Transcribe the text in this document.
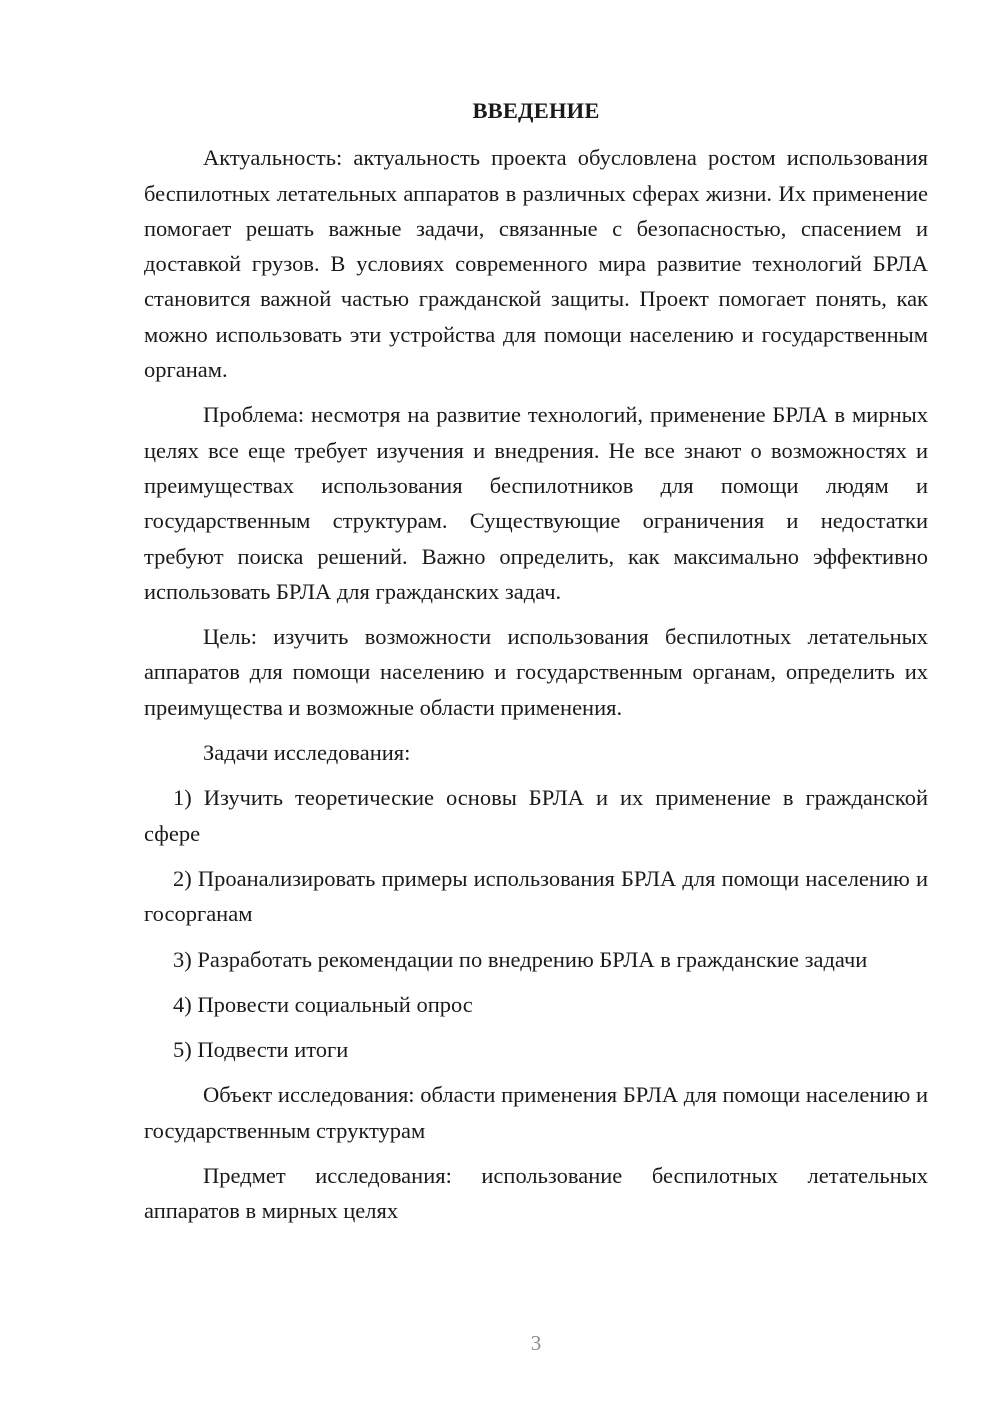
ВВЕДЕНИЕ

Актуальность: актуальность проекта обусловлена ростом использования беспилотных летательных аппаратов в различных сферах жизни. Их применение помогает решать важные задачи, связанные с безопасностью, спасением и доставкой грузов. В условиях современного мира развитие технологий БРЛА становится важной частью гражданской защиты. Проект помогает понять, как можно использовать эти устройства для помощи населению и государственным органам.

Проблема: несмотря на развитие технологий, применение БРЛА в мирных целях все еще требует изучения и внедрения. Не все знают о возможностях и преимуществах использования беспилотников для помощи людям и государственным структурам. Существующие ограничения и недостатки требуют поиска решений. Важно определить, как максимально эффективно использовать БРЛА для гражданских задач.

Цель: изучить возможности использования беспилотных летательных аппаратов для помощи населению и государственным органам, определить их преимущества и возможные области применения.

Задачи исследования:

1) Изучить теоретические основы БРЛА и их применение в гражданской сфере

2) Проанализировать примеры использования БРЛА для помощи населению и госорганам

3) Разработать рекомендации по внедрению БРЛА в гражданские задачи

4) Провести социальный опрос

5) Подвести итоги

Объект исследования: области применения БРЛА для помощи населению и государственным структурам

Предмет исследования: использование беспилотных летательных аппаратов в мирных целях

3
